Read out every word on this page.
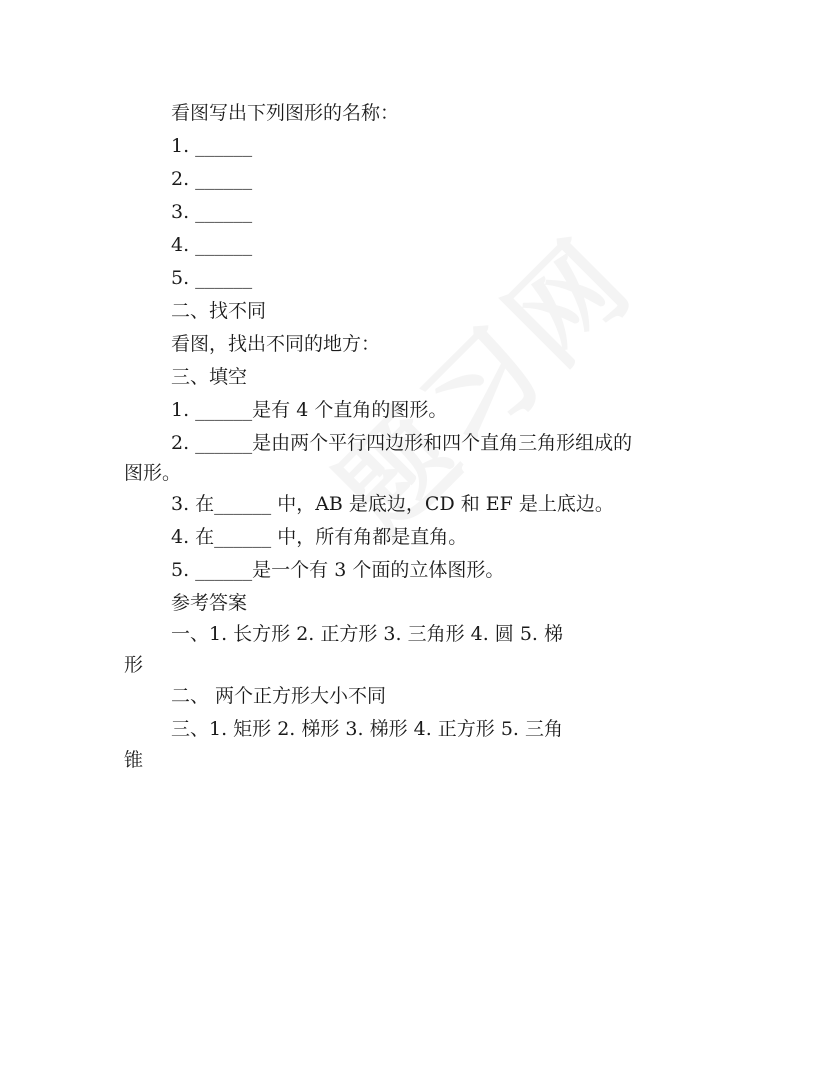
看图写出下列图形的名称：
1. ______
2. ______
3. ______
4. ______
5. ______
二、找不同
看图，找出不同的地方：
三、填空
1. ______是有 4 个直角的图形。
2. ______是由两个平行四边形和四个直角三角形组成的
图形。
3. 在______ 中，AB 是底边，CD 和 EF 是上底边。
4. 在______ 中，所有角都是直角。
5. ______是一个有 3 个面的立体图形。
参考答案
一、1. 长方形 2. 正方形 3. 三角形 4. 圆 5. 梯
形
二、 两个正方形大小不同
三、1. 矩形 2. 梯形 3. 梯形 4. 正方形 5. 三角
锥
